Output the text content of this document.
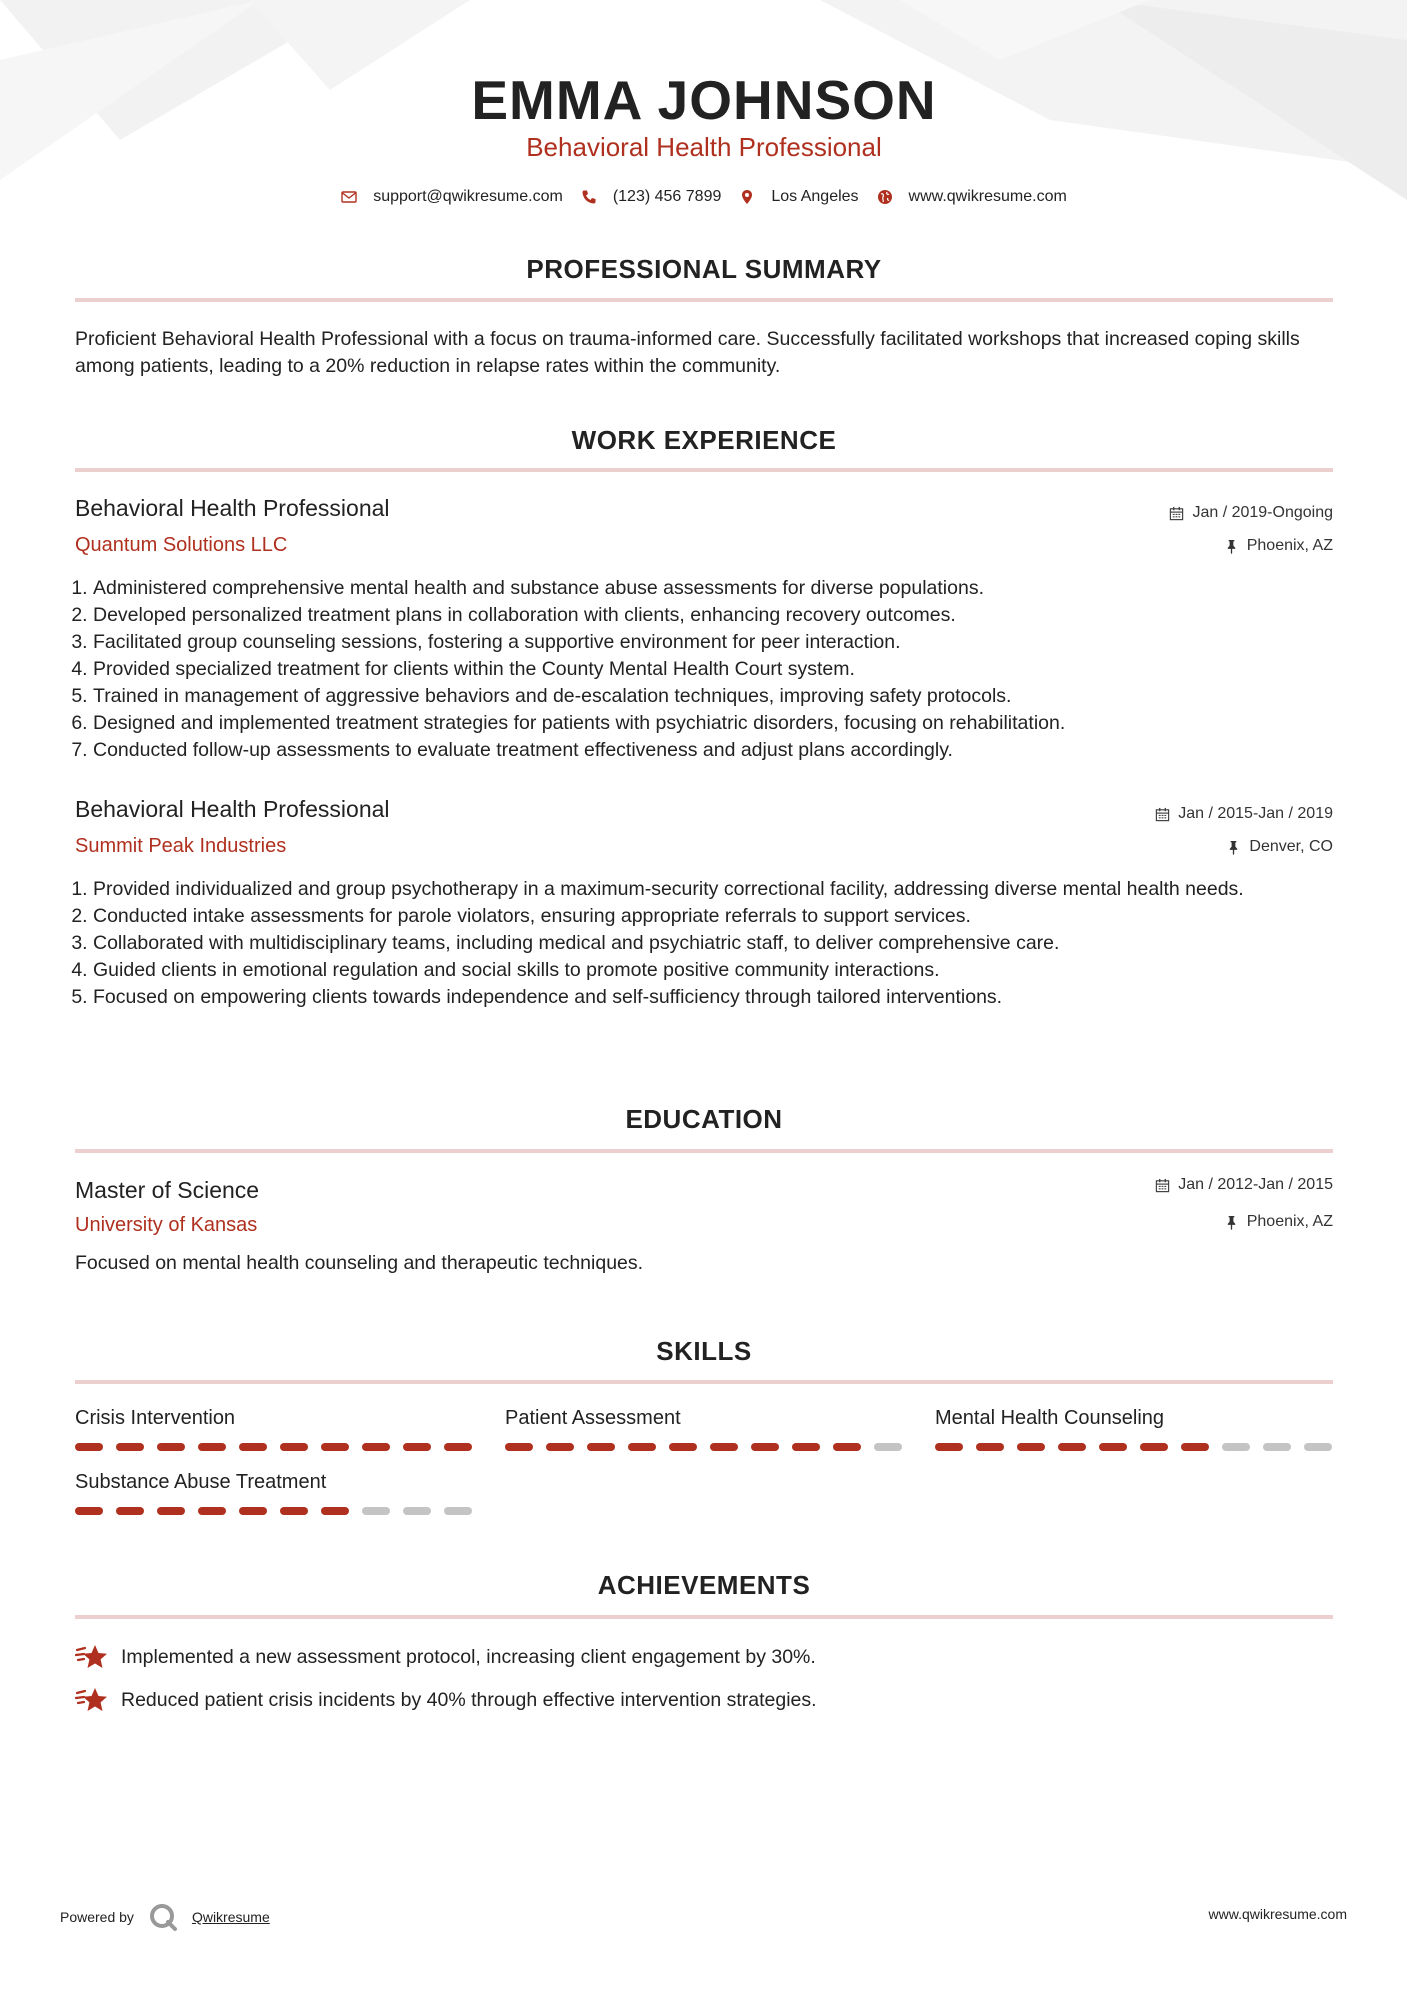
EMMA JOHNSON
Behavioral Health Professional
support@qwikresume.com	(123) 456 7899	Los Angeles	www.qwikresume.com
PROFESSIONAL SUMMARY
Proficient Behavioral Health Professional with a focus on trauma-informed care. Successfully facilitated workshops that increased coping skills among patients, leading to a 20% reduction in relapse rates within the community.
WORK EXPERIENCE
Behavioral Health Professional	Jan / 2019-Ongoing
Quantum Solutions LLC	Phoenix, AZ
1. Administered comprehensive mental health and substance abuse assessments for diverse populations.
2. Developed personalized treatment plans in collaboration with clients, enhancing recovery outcomes.
3. Facilitated group counseling sessions, fostering a supportive environment for peer interaction.
4. Provided specialized treatment for clients within the County Mental Health Court system.
5. Trained in management of aggressive behaviors and de-escalation techniques, improving safety protocols.
6. Designed and implemented treatment strategies for patients with psychiatric disorders, focusing on rehabilitation.
7. Conducted follow-up assessments to evaluate treatment effectiveness and adjust plans accordingly.
Behavioral Health Professional	Jan / 2015-Jan / 2019
Summit Peak Industries	Denver, CO
1. Provided individualized and group psychotherapy in a maximum-security correctional facility, addressing diverse mental health needs.
2. Conducted intake assessments for parole violators, ensuring appropriate referrals to support services.
3. Collaborated with multidisciplinary teams, including medical and psychiatric staff, to deliver comprehensive care.
4. Guided clients in emotional regulation and social skills to promote positive community interactions.
5. Focused on empowering clients towards independence and self-sufficiency through tailored interventions.
EDUCATION
Master of Science	Jan / 2012-Jan / 2015
University of Kansas	Phoenix, AZ
Focused on mental health counseling and therapeutic techniques.
SKILLS
Crisis Intervention	Patient Assessment	Mental Health Counseling
Substance Abuse Treatment
ACHIEVEMENTS
Implemented a new assessment protocol, increasing client engagement by 30%.
Reduced patient crisis incidents by 40% through effective intervention strategies.
Powered by	Qwikresume	www.qwikresume.com
